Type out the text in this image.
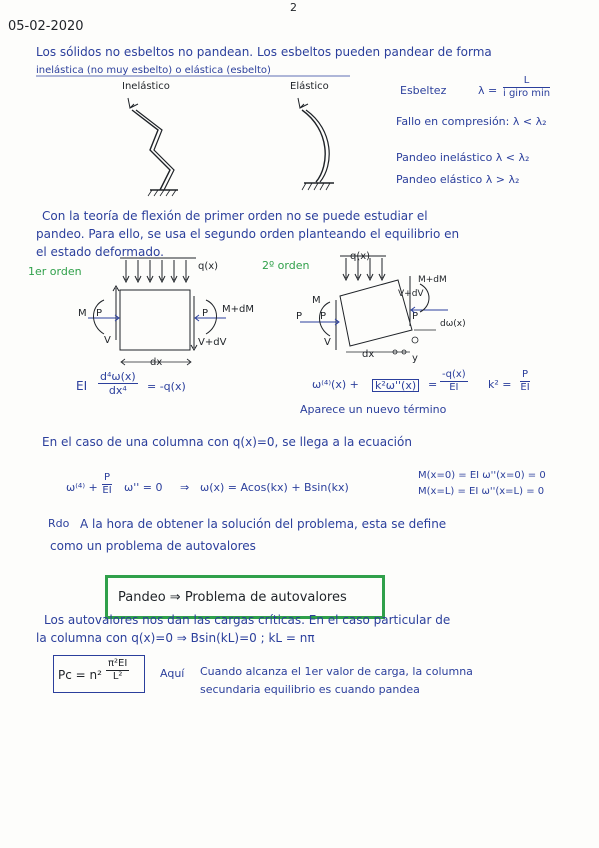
05-02-2020
2
Los sólidos no esbeltos no pandean. Los esbeltos pueden pandear de forma
inelástica (no muy esbelto) o elástica (esbelto)
Inelástico	Elástico	Esbeltez	λ =
L
i giro min
Fallo en compresión: λ < λ₂
Pandeo inelástico λ < λ₂
Pandeo elástico λ > λ₂
Con la teoría de flexión de primer orden no se puede estudiar el
pandeo. Para ello, se usa el segundo orden planteando el equilibrio en
el estado deformado.
1er orden	q(x)
M P
V
M+dM
P
V+dV
dx
EI $\frac{\text{d⁴ω(x)}}{\text{dx⁴}} = -q(x)$
2º orden
q(x)
M+dM
V+dV
M
P P
V
P
dω(x)
dx	y
$\omega^{(4)}(x) + k^2\omega''(x) = \frac{-q(x)}{EI} k^2 = \frac{P}{EI}$
Aparece un nuevo término
En el caso de una columna con q(x)=0, se llega a la ecuación
$\omega^{(4)} + \frac{P}{EI} \omega'' = 0$ ⇒ ω(x) = Acos(kx) + Bsin(kx)
M(x=0) = EI ω''(x=0) = 0
M(x=L) = EI ω''(x=L) = 0
Rdo A la hora de obtener la solución del problema, esta se define
como un problema de autovalores
Pandeo ⇒ Problema de autovalores
Los autovalores nos dan las cargas críticas. En el caso particular de
la columna con q(x)=0 ⇒ Bsin(kL)=0 ; kL = nπ
$Pc = n^2 \frac{\text{π²EI}}{\text{L²}}$	Aquí Cuando alcanza el 1er valor de carga, la columna
secundaria equilibrio es cuando pandea
